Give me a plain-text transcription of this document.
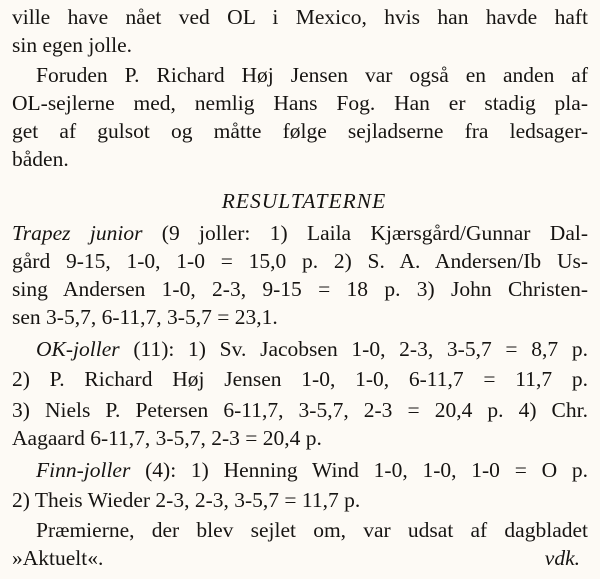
ville have nået ved OL i Mexico, hvis han havde haft
sin egen jolle.
Foruden P. Richard Høj Jensen var også en anden af
OL-sejlerne med, nemlig Hans Fog. Han er stadig pla-
get af gulsot og måtte følge sejladserne fra ledsager-
båden.
RESULTATERNE
Trapez junior (9 joller: 1) Laila Kjærsgård/Gunnar Dal-
gård 9-15, 1-0, 1-0 = 15,0 p. 2) S. A. Andersen/Ib Us-
sing Andersen 1-0, 2-3, 9-15 = 18 p. 3) John Christen-
sen 3-5,7, 6-11,7, 3-5,7 = 23,1.
OK-joller (11): 1) Sv. Jacobsen 1-0, 2-3, 3-5,7 = 8,7 p.
2) P. Richard Høj Jensen 1-0, 1-0, 6-11,7 = 11,7 p.
3) Niels P. Petersen 6-11,7, 3-5,7, 2-3 = 20,4 p. 4) Chr.
Aagaard 6-11,7, 3-5,7, 2-3 = 20,4 p.
Finn-joller (4): 1) Henning Wind 1-0, 1-0, 1-0 = O p.
2) Theis Wieder 2-3, 2-3, 3-5,7 = 11,7 p.
Præmierne, der blev sejlet om, var udsat af dagbladet
»Aktuelt«.	vdk.
